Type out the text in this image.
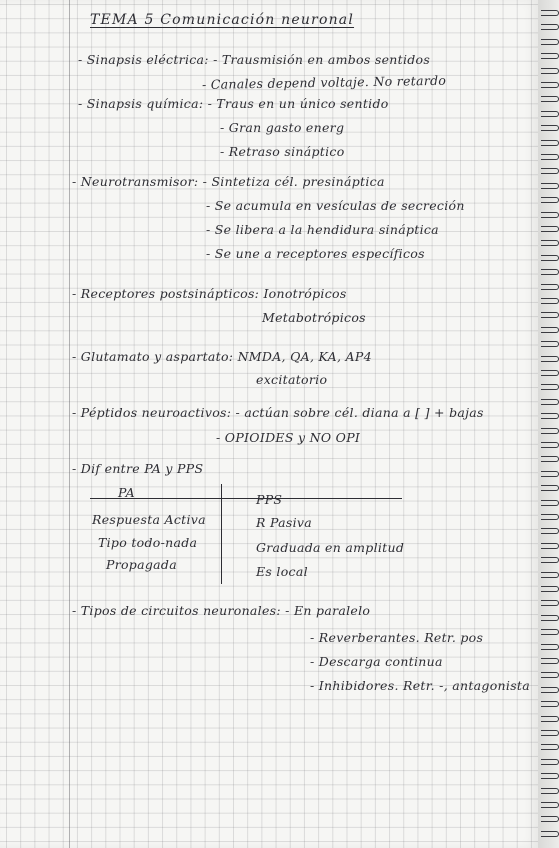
TEMA 5 Comunicación neuronal
- Sinapsis eléctrica: - Trausmisión en ambos sentidos
- Canales depend voltaje. No retardo
- Sinapsis química: - Traus en un único sentido
- Gran gasto energ
- Retraso sináptico
- Neurotransmisor: - Sintetiza cél. presináptica
- Se acumula en vesículas de secreción
- Se libera a la hendidura sináptica
- Se une a receptores específicos
- Receptores postsinápticos: Ionotrópicos
Metabotrópicos
- Glutamato y aspartato: NMDA, QA, KA, AP4
excitatorio
- Péptidos neuroactivos: - actúan sobre cél. diana a [ ] + bajas
- OPIOIDES y NO OPI
- Dif entre PA y PPS
PA	PPS
Respuesta Activa	R Pasiva
Tipo todo-nada	Graduada en amplitud
Propagada	Es local
- Tipos de circuitos neuronales: - En paralelo
- Reverberantes. Retr. pos
- Descarga continua
- Inhibidores. Retr. -, antagonista
